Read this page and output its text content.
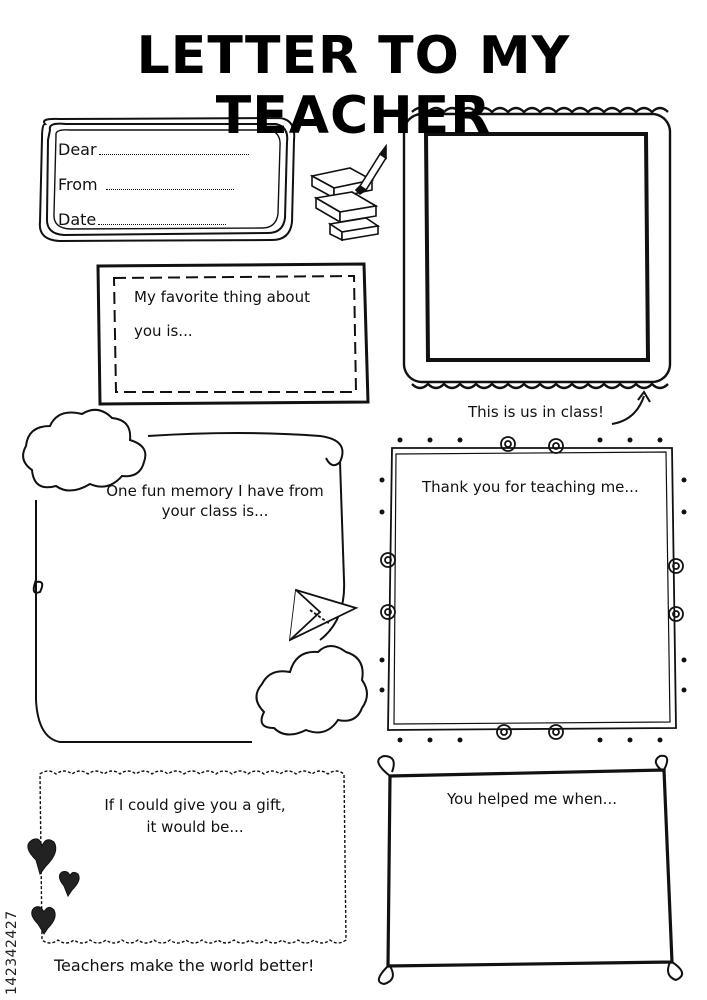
LETTER TO MY TEACHER
Dear
From
Date
My favorite thing about
you is...
This is us in class!
One fun memory I have from
your class is...
Thank you for teaching me...
If I could give you a gift,
it would be...
You helped me when...
Teachers make the world better!
142342427
